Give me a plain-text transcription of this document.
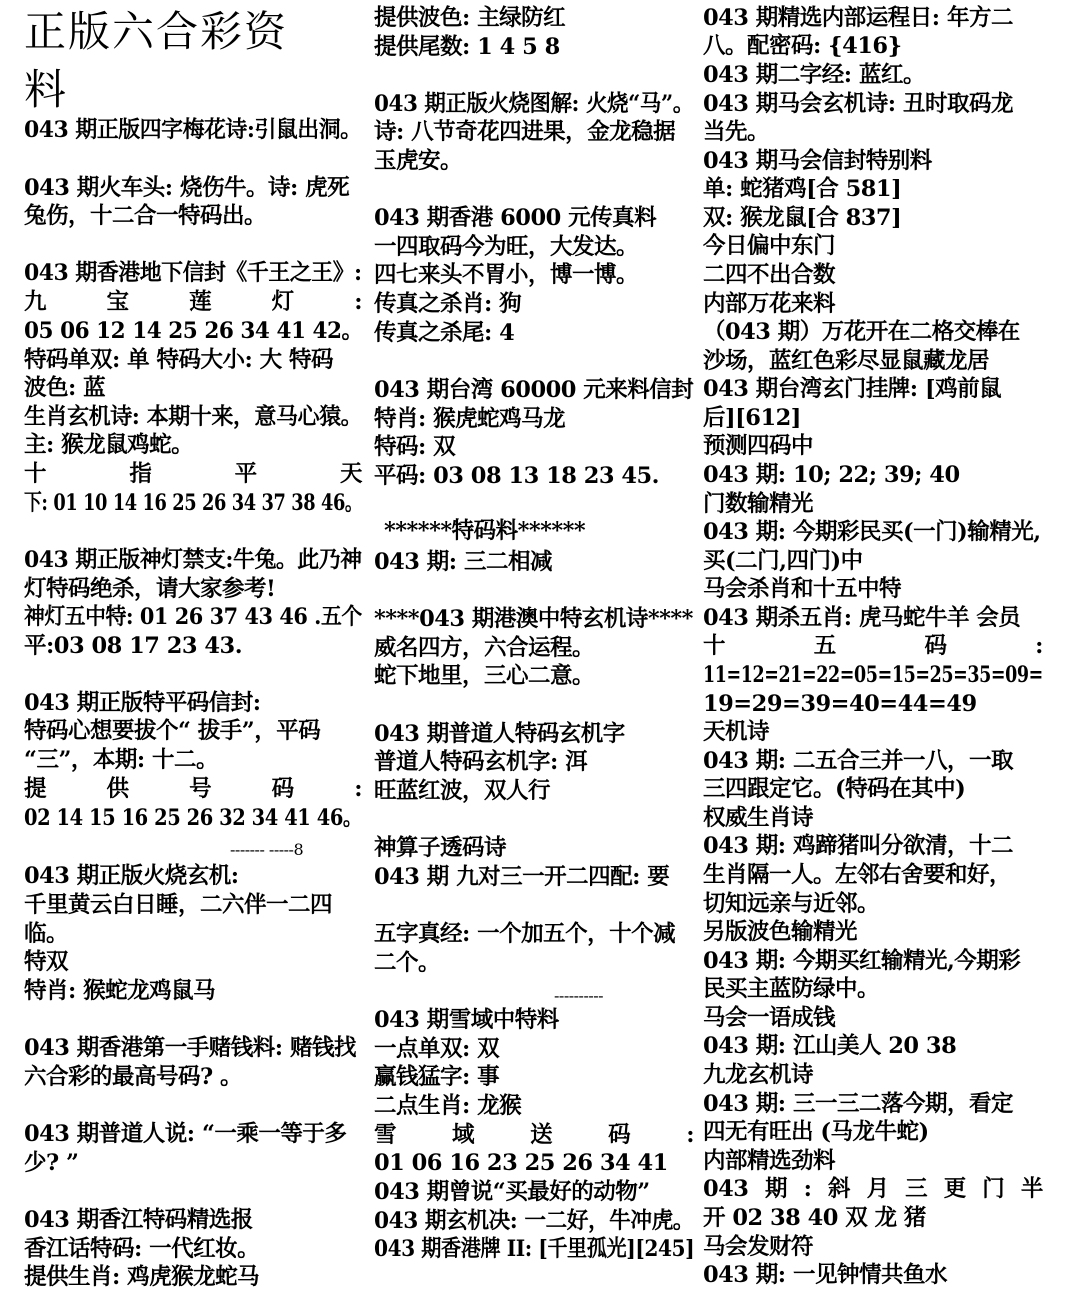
正版六合彩资
料
043 期正版四字梅花诗:引鼠出洞。
043 期火车头: 烧伤牛。诗: 虎死
兔伤，十二合一特码出。
043 期香港地下信封《千王之王》:
九	宝	莲	灯	:
05 06 12 14 25 26 34 41 42。
特码单双: 单 特码大小: 大 特码
波色: 蓝
生肖玄机诗: 本期十来，意马心猿。
主: 猴龙鼠鸡蛇。
十	指	平	天
下: 01 10 14 16 25 26 34 37 38 46。
043 期正版神灯禁支:牛兔。此乃神
灯特码绝杀，请大家参考!
神灯五中特: 01 26 37 43 46 .五个
平:03 08 17 23 43.
043 期正版特平码信封:
特码心想要拔个“ 拔手”，平码
“三”，本期: 十二。
提	供	号	码	:
02 14 15 16 25 26 32 34 41 46。
------- -----8
043 期正版火烧玄机:
千里黄云白日睡，二六伴一二四
临。
特双
特肖: 猴蛇龙鸡鼠马
043 期香港第一手赌钱料: 赌钱找
六合彩的最高号码? 。
043 期普道人说: “一乘一等于多
少? ”
043 期香江特码精选报
香江话特码: 一代红妆。
提供生肖: 鸡虎猴龙蛇马
提供波色: 主绿防红
提供尾数: 1 4 5 8
043 期正版火烧图解: 火烧“马”。
诗: 八节奇花四进果，金龙稳据
玉虎安。
043 期香港 6000 元传真料
一四取码今为旺，大发达。
四七来头不胃小，博一博。
传真之杀肖: 狗
传真之杀尾: 4
043 期台湾 60000 元来料信封
特肖: 猴虎蛇鸡马龙
特码: 双
平码: 03 08 13 18 23 45.
******特码料******
043 期: 三二相减
****043 期港澳中特玄机诗****
威名四方，六合运程。
蛇下地里，三心二意。
043 期普道人特码玄机字
普道人特码玄机字: 洱
旺蓝红波，双人行
神算子透码诗
043 期 九对三一开二四配: 要
五字真经: 一个加五个，十个减
二个。
----------
043 期雪域中特料
一点单双: 双
赢钱猛字: 事
二点生肖: 龙猴
雪 域 送 码 :
01 06 16 23 25 26 34 41
043 期曾说“买最好的动物”
043 期玄机决: 一二好，牛冲虎。
043 期香港牌 II: [千里孤光][245]
043 期精选内部运程日: 年方二
八。配密码: {416}
043 期二字经: 蓝红。
043 期马会玄机诗: 丑时取码龙
当先。
043 期马会信封特别料
单: 蛇猪鸡[合 581]
双: 猴龙鼠[合 837]
今日偏中东门
二四不出合数
内部万花来料
（043 期）万花开在二格交棒在
沙场，蓝红色彩尽显鼠藏龙居
043 期台湾玄门挂牌: [鸡前鼠
后][612]
预测四码中
043 期: 10; 22; 39; 40
门数输精光
043 期: 今期彩民买(一门)输精光,
买(二门,四门)中
马会杀肖和十五中特
043 期杀五肖: 虎马蛇牛羊 会员
十	五	码	:
11=12=21=22=05=15=25=35=09=
19=29=39=40=44=49
天机诗
043 期: 二五合三并一八，一取
三四跟定它。(特码在其中)
权威生肖诗
043 期: 鸡蹄猪叫分欲清，十二
生肖隔一人。左邻右舍要和好，
切知远亲与近邻。
另版波色输精光
043 期: 今期买红输精光,今期彩
民买主蓝防绿中。
马会一语成钱
043 期: 江山美人 20 38
九龙玄机诗
043 期: 三一三二落今期，看定
四无有旺出 (马龙牛蛇)
内部精选劲料
043 期 : 斜 月 三 更 门 半
开 02 38 40 双 龙 猪
马会发财符
043 期: 一见钟情共鱼水
